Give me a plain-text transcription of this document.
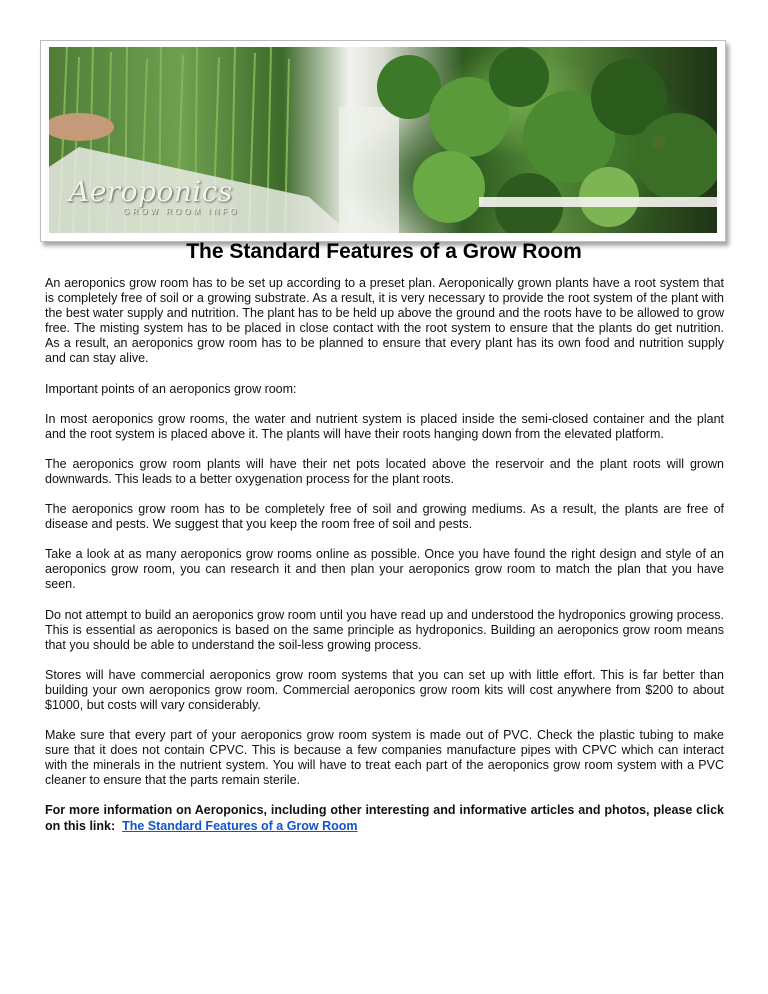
Aeroponics
GROW ROOM INFO
The Standard Features of a Grow Room

An aeroponics grow room has to be set up according to a preset plan. Aeroponically grown plants have a root system that is completely free of soil or a growing substrate. As a result, it is very necessary to provide the root system of the plant with the best water supply and nutrition. The plant has to be held up above the ground and the roots have to be allowed to grow free. The misting system has to be placed in close contact with the root system to ensure that the plants do get nutrition. As a result, an aeroponics grow room has to be planned to ensure that every plant has its own food and nutrition supply and can stay alive.

Important points of an aeroponics grow room:

In most aeroponics grow rooms, the water and nutrient system is placed inside the semi-closed container and the plant and the root system is placed above it. The plants will have their roots hanging down from the elevated platform.

The aeroponics grow room plants will have their net pots located above the reservoir and the plant roots will grown downwards. This leads to a better oxygenation process for the plant roots.

The aeroponics grow room has to be completely free of soil and growing mediums. As a result, the plants are free of disease and pests. We suggest that you keep the room free of soil and pests.

Take a look at as many aeroponics grow rooms online as possible. Once you have found the right design and style of an aeroponics grow room, you can research it and then plan your aeroponics grow room to match the plan that you have seen.

Do not attempt to build an aeroponics grow room until you have read up and understood the hydroponics growing process. This is essential as aeroponics is based on the same principle as hydroponics. Building an aeroponics grow room means that you should be able to understand the soil-less growing process.

Stores will have commercial aeroponics grow room systems that you can set up with little effort. This is far better than building your own aeroponics grow room. Commercial aeroponics grow room kits will cost anywhere from $200 to about $1000, but costs will vary considerably.

Make sure that every part of your aeroponics grow room system is made out of PVC. Check the plastic tubing to make sure that it does not contain CPVC. This is because a few companies manufacture pipes with CPVC which can interact with the minerals in the nutrient system. You will have to treat each part of the aeroponics grow room system with a PVC cleaner to ensure that the parts remain sterile.

For more information on Aeroponics, including other interesting and informative articles and photos, please click on this link: The Standard Features of a Grow Room
